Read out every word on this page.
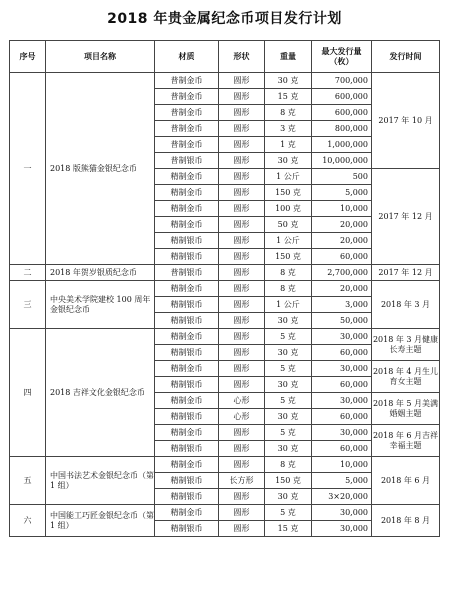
2018 年贵金属纪念币项目发行计划
序号	项目名称	材质	形状	重量	最大发行量（枚）	发行时间
一	2018 版熊猫金银纪念币	普制金币	圆形	30 克	700,000	2017 年 10 月
		普制金币	圆形	15 克	600,000	
		普制金币	圆形	8 克	600,000	
		普制金币	圆形	3 克	800,000	
		普制金币	圆形	1 克	1,000,000	
		普制银币	圆形	30 克	10,000,000	
		精制金币	圆形	1 公斤	500	2017 年 12 月
		精制金币	圆形	150 克	5,000	
		精制金币	圆形	100 克	10,000	
		精制金币	圆形	50 克	20,000	
		精制银币	圆形	1 公斤	20,000	
		精制银币	圆形	150 克	60,000	
二	2018 年贺岁银质纪念币	普制银币	圆形	8 克	2,700,000	2017 年 12 月
三	中央美术学院建校 100 周年金银纪念币	精制金币	圆形	8 克	20,000	2018 年 3 月
		精制银币	圆形	1 公斤	3,000	
		精制银币	圆形	30 克	50,000	
四	2018 吉祥文化金银纪念币	精制金币	圆形	5 克	30,000	2018 年 3 月健康长寿主题
		精制银币	圆形	30 克	60,000	
		精制金币	圆形	5 克	30,000	2018 年 4 月生儿育女主题
		精制银币	圆形	30 克	60,000	
		精制金币	心形	5 克	30,000	2018 年 5 月美满婚姻主题
		精制银币	心形	30 克	60,000	
		精制金币	圆形	5 克	30,000	2018 年 6 月吉祥幸福主题
		精制银币	圆形	30 克	60,000	
五	中国书法艺术金银纪念币（第 1 组）	精制金币	圆形	8 克	10,000	2018 年 6 月
		精制银币	长方形	150 克	5,000	
		精制银币	圆形	30 克	3×20,000	
六	中国能工巧匠金银纪念币（第 1 组）	精制金币	圆形	5 克	30,000	2018 年 8 月
		精制银币	圆形	15 克	30,000	
